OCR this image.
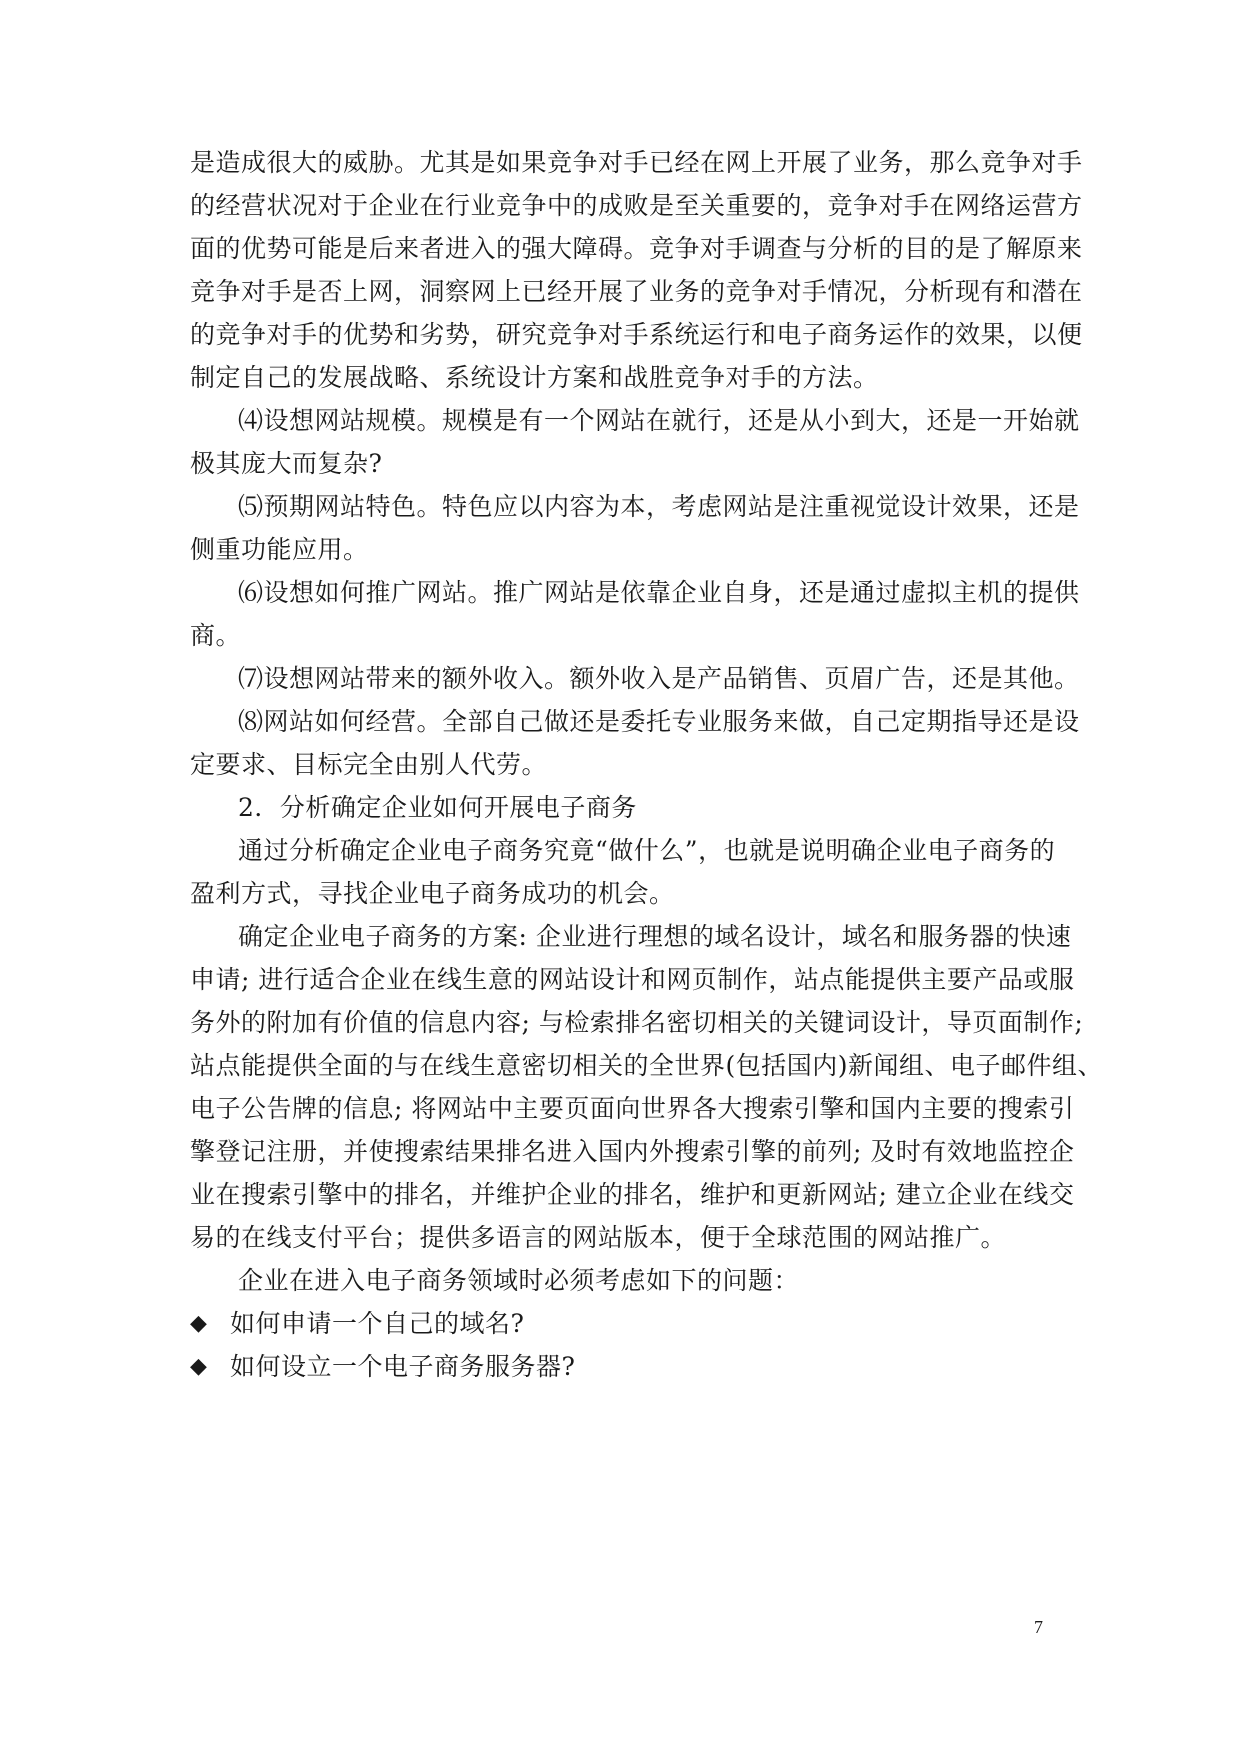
是造成很大的威胁。尤其是如果竞争对手已经在网上开展了业务，那么竞争对手
的经营状况对于企业在行业竞争中的成败是至关重要的，竞争对手在网络运营方
面的优势可能是后来者进入的强大障碍。竞争对手调查与分析的目的是了解原来
竞争对手是否上网，洞察网上已经开展了业务的竞争对手情况，分析现有和潜在
的竞争对手的优势和劣势，研究竞争对手系统运行和电子商务运作的效果，以便
制定自己的发展战略、系统设计方案和战胜竞争对手的方法。
⑷设想网站规模。规模是有一个网站在就行，还是从小到大，还是一开始就
极其庞大而复杂?
⑸预期网站特色。特色应以内容为本，考虑网站是注重视觉设计效果，还是
侧重功能应用。
⑹设想如何推广网站。推广网站是依靠企业自身，还是通过虚拟主机的提供
商。
⑺设想网站带来的额外收入。额外收入是产品销售、页眉广告，还是其他。
⑻网站如何经营。全部自己做还是委托专业服务来做，自己定期指导还是设
定要求、目标完全由别人代劳。
2．分析确定企业如何开展电子商务
通过分析确定企业电子商务究竟“做什么”，也就是说明确企业电子商务的
盈利方式，寻找企业电子商务成功的机会。
确定企业电子商务的方案: 企业进行理想的域名设计，域名和服务器的快速
申请; 进行适合企业在线生意的网站设计和网页制作，站点能提供主要产品或服
务外的附加有价值的信息内容; 与检索排名密切相关的关键词设计，导页面制作;
站点能提供全面的与在线生意密切相关的全世界(包括国内)新闻组、电子邮件组、
电子公告牌的信息; 将网站中主要页面向世界各大搜索引擎和国内主要的搜索引
擎登记注册，并使搜索结果排名进入国内外搜索引擎的前列; 及时有效地监控企
业在搜索引擎中的排名，并维护企业的排名，维护和更新网站; 建立企业在线交
易的在线支付平台；提供多语言的网站版本，便于全球范围的网站推广。
企业在进入电子商务领域时必须考虑如下的问题：
◆ 如何申请一个自己的域名?
◆ 如何设立一个电子商务服务器?
7
